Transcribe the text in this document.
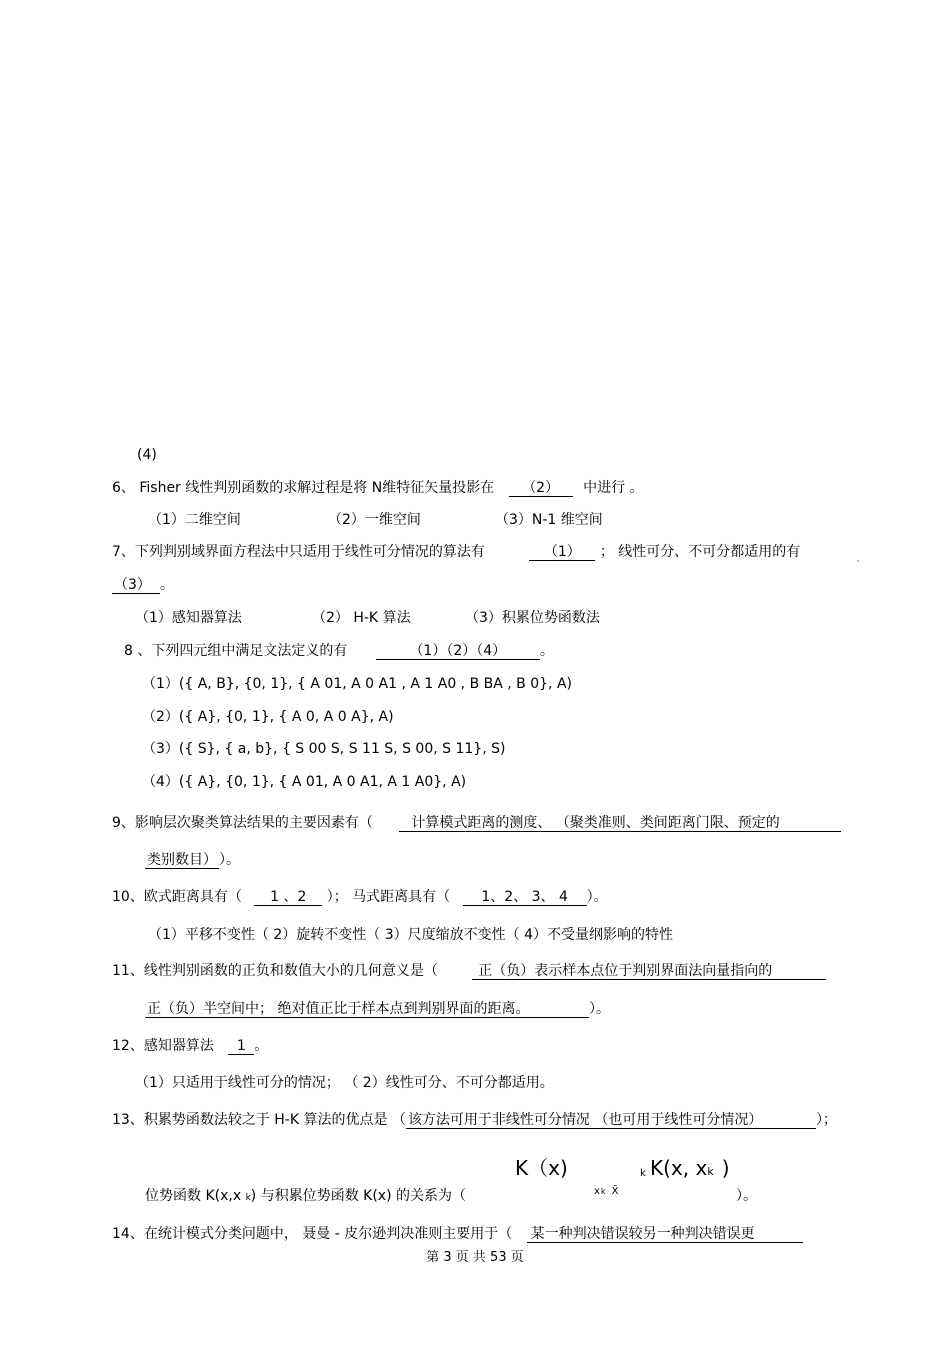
(4)
6、 Fisher 线性判别函数的求解过程是将 N维特征矢量投影在 （2） 中进行 。
（1）二维空间	（2）一维空间	（3）N-1 维空间
7、下列判别域界面方程法中只适用于线性可分情况的算法有	（1） ； 线性可分、不可分都适用的有
（3） 。
（1）感知器算法	（2） H-K 算法	（3）积累位势函数法
8 、下列四元组中满足文法定义的有	（1）（2）（4） 。
（1）({ A, B}, {0, 1}, { A 01, A 0 A1 , A 1 A0 , B BA , B 0}, A)
（2）({ A}, {0, 1}, { A 0, A 0 A}, A)
（3）({ S}, { a, b}, { S 00 S, S 11 S, S 00, S 11}, S)
（4）({ A}, {0, 1}, { A 01, A 0 A1, A 1 A0}, A)
9、影响层次聚类算法结果的主要因素有（	计算模式距离的测度、 （聚类准则、类间距离门限、预定的
类别数目） ）。
10、欧式距离具有（ 1 、2 ）； 马式距离具有（ 1、2、 3、 4 ）。
（1）平移不变性（ 2）旋转不变性（ 3）尺度缩放不变性（ 4）不受量纲影响的特性
11、线性判别函数的正负和数值大小的几何意义是（	正（负）表示样本点位于判别界面法向量指向的
正（负）半空间中； 绝对值正比于样本点到判别界面的距离。	）。
12、感知器算法 1 。
（1）只适用于线性可分的情况； （ 2）线性可分、不可分都适用。
13、积累势函数法较之于 H-K 算法的优点是 （ 该方法可用于非线性可分情况 （也可用于线性可分情况）	）；
K（x)	k K(x, xk )
xk X̃
位势函数 K(x,x k) 与积累位势函数 K(x) 的关系为（	）。
14、在统计模式分类问题中， 聂曼 - 皮尔逊判决准则主要用于（ 某一种判决错误较另一种判决错误更
第 3 页 共 53 页
